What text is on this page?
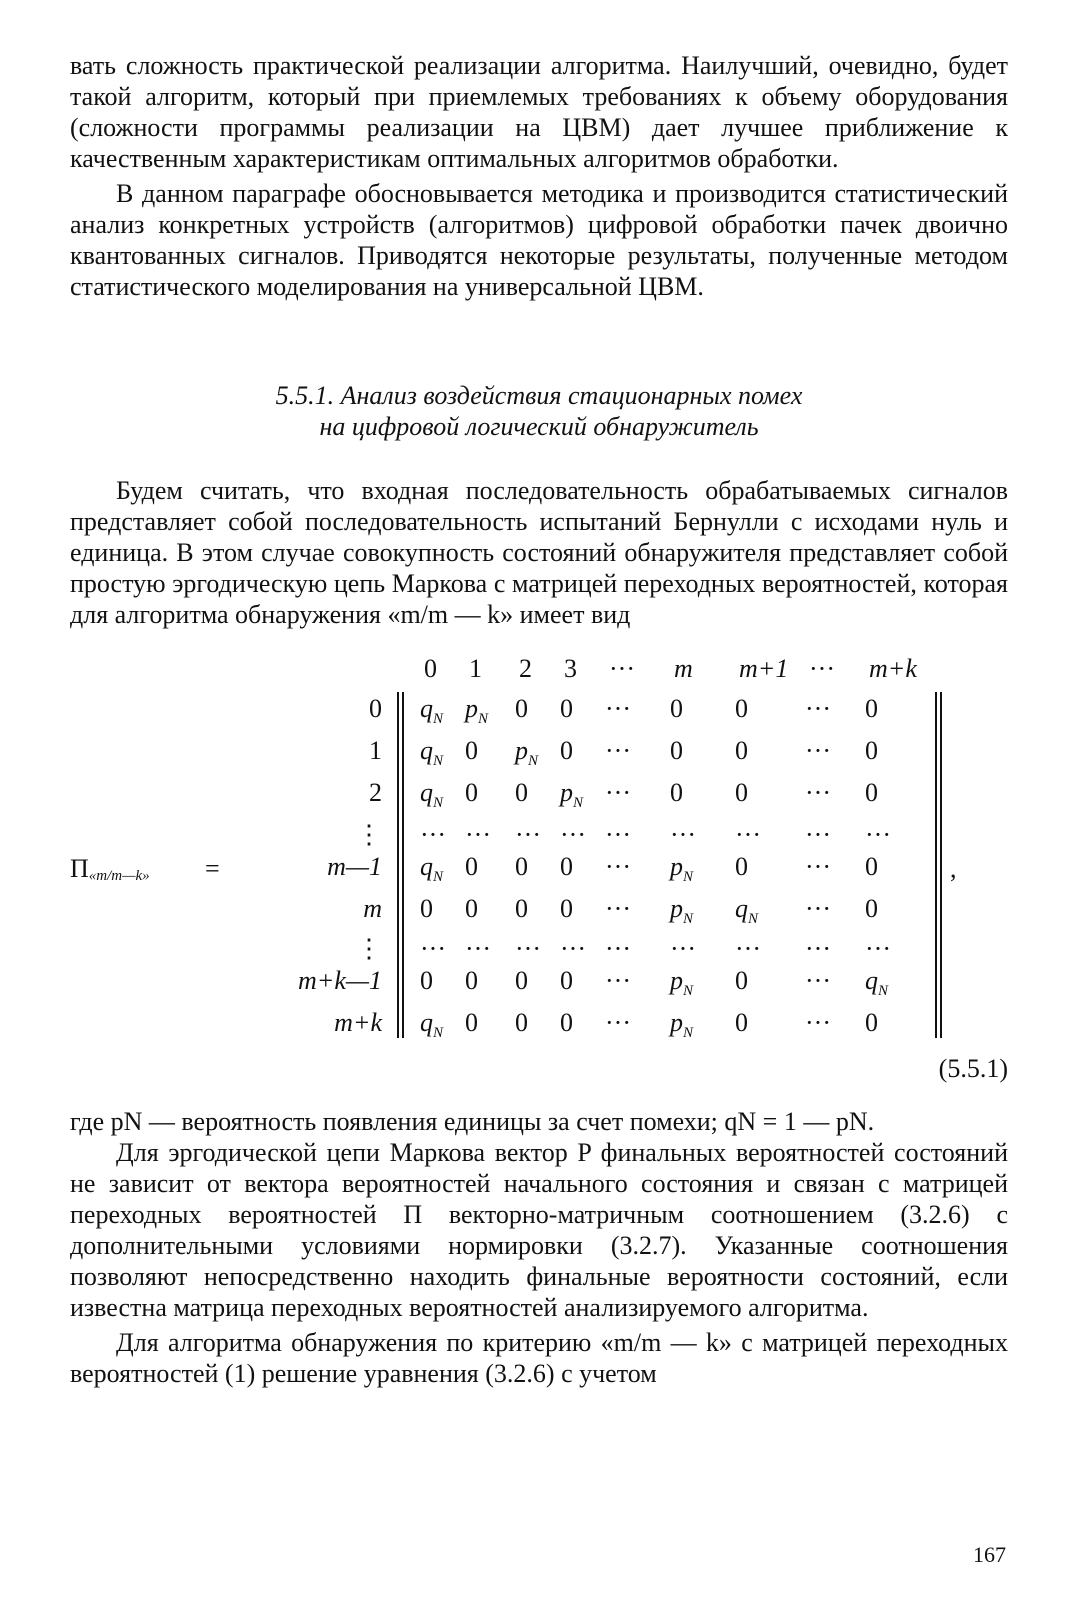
вать сложность практической реализации алгоритма. Наилучший, очевидно, будет такой алгоритм, который при приемлемых требованиях к объему оборудования (сложности программы реализации на ЦВМ) дает лучшее приближение к качественным характеристикам оптимальных алгоритмов обработки.

В данном параграфе обосновывается методика и производится статистический анализ конкретных устройств (алгоритмов) цифровой обработки пачек двоично квантованных сигналов. Приводятся некоторые результаты, полученные методом статистического моделирования на универсальной ЦВМ.

5.5.1. Анализ воздействия стационарных помех
на цифровой логический обнаружитель

Будем считать, что входная последовательность обрабатываемых сигналов представляет собой последовательность испытаний Бернулли с исходами нуль и единица. В этом случае совокупность состояний обнаружителя представляет собой простую эргодическую цепь Маркова с матрицей переходных вероятностей, которая для алгоритма обнаружения «m/m — k» имеет вид

$П_{«m/m—k»}$ =
0 1 2 3 ··· m m+1 ··· m+k
0
1
2
⋮
m—1
m
⋮
m+k—1
m+k
$q_N$ $p_N$ 0 0 ··· 0 0 ··· 0
$q_N$ 0 $p_N$ 0 ··· 0 0 ··· 0
$q_N$ 0 0 $p_N$ ··· 0 0 ··· 0
··· ··· ··· ··· ··· ··· ··· ··· ···
$q_N$ 0 0 0 ··· $p_N$ 0 ··· 0
0 0 0 0 ··· $p_N$ $q_N$ ··· 0
··· ··· ··· ··· ··· ··· ··· ··· ···
0 0 0 0 ··· $p_N$ 0 ··· $q_N$
$q_N$ 0 0 0 ··· $p_N$ 0 ··· 0
,
(5.5.1)

где pN — вероятность появления единицы за счет помехи; qN = 1 — pN.

Для эргодической цепи Маркова вектор P финальных вероятностей состояний не зависит от вектора вероятностей начального состояния и связан с матрицей переходных вероятностей П векторно-матричным соотношением (3.2.6) с дополнительными условиями нормировки (3.2.7). Указанные соотношения позволяют непосредственно находить финальные вероятности состояний, если известна матрица переходных вероятностей анализируемого алгоритма.

Для алгоритма обнаружения по критерию «m/m — k» с матрицей переходных вероятностей (1) решение уравнения (3.2.6) с учетом

167
